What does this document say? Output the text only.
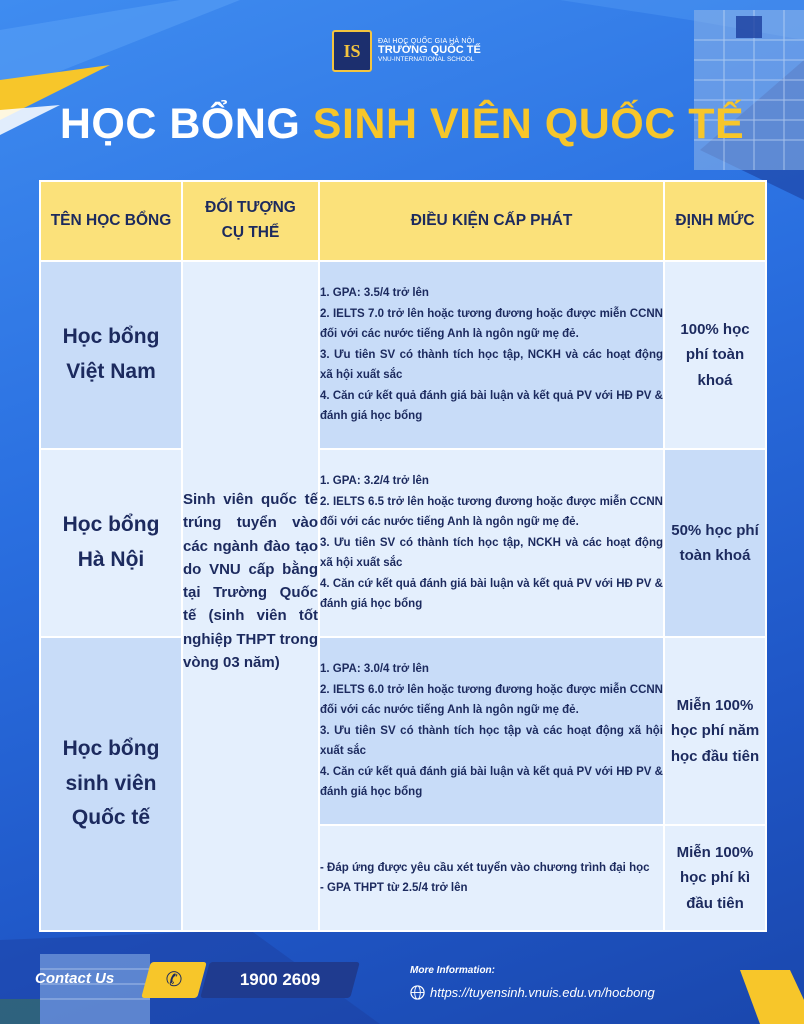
IS	ĐẠI HỌC QUỐC GIA HÀ NỘI
TRƯỜNG QUỐC TẾ
VNU-INTERNATIONAL SCHOOL
HỌC BỔNG SINH VIÊN QUỐC TẾ
TÊN HỌC BỔNG	ĐỐI TƯỢNG CỤ THỂ	ĐIỀU KIỆN CẤP PHÁT	ĐỊNH MỨC
Học bổng Việt Nam	Sinh viên quốc tế trúng tuyển vào các ngành đào tạo do VNU cấp bằng tại Trường Quốc tế (sinh viên tốt nghiệp THPT trong vòng 03 năm)	1. GPA: 3.5/4 trở lên
2. IELTS 7.0 trở lên hoặc tương đương hoặc được miễn CCNN đối với các nước tiếng Anh là ngôn ngữ mẹ đẻ.
3. Ưu tiên SV có thành tích học tập, NCKH và các hoạt động xã hội xuất sắc
4. Căn cứ kết quả đánh giá bài luận và kết quả PV với HĐ PV & đánh giá học bổng	100% học phí toàn khoá
Học bổng Hà Nội		1. GPA: 3.2/4 trở lên
2. IELTS 6.5 trở lên hoặc tương đương hoặc được miễn CCNN đối với các nước tiếng Anh là ngôn ngữ mẹ đẻ.
3. Ưu tiên SV có thành tích học tập, NCKH và các hoạt động xã hội xuất sắc
4. Căn cứ kết quả đánh giá bài luận và kết quả PV với HĐ PV & đánh giá học bổng	50% học phí toàn khoá
Học bổng sinh viên Quốc tế		1. GPA: 3.0/4 trở lên
2. IELTS 6.0 trở lên hoặc tương đương hoặc được miễn CCNN đối với các nước tiếng Anh là ngôn ngữ mẹ đẻ.
3. Ưu tiên SV có thành tích học tập và các hoạt động xã hội xuất sắc
4. Căn cứ kết quả đánh giá bài luận và kết quả PV với HĐ PV & đánh giá học bổng	Miễn 100% học phí năm học đầu tiên

		- Đáp ứng được yêu cầu xét tuyển vào chương trình đại học
- GPA THPT từ 2.5/4 trở lên	Miễn 100% học phí kì đầu tiên
Contact Us	✆	1900 2609	More Information:
https://tuyensinh.vnuis.edu.vn/hocbong
